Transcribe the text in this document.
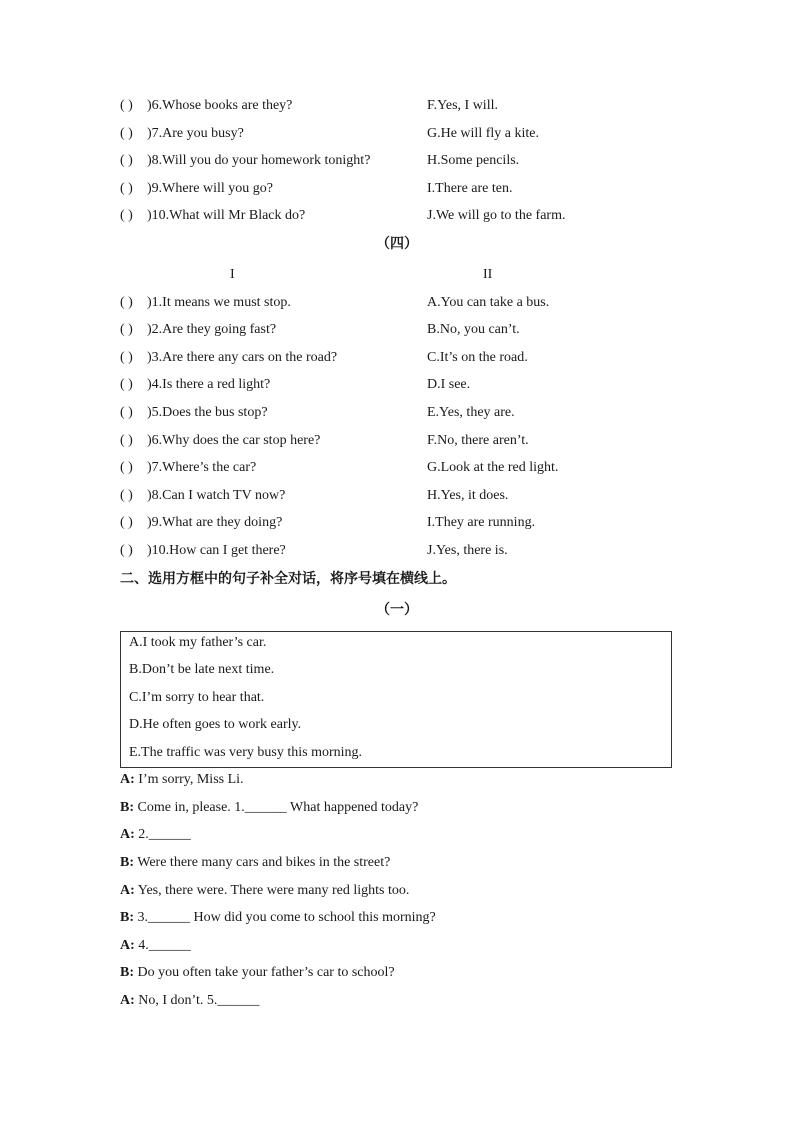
( ) )6.Whose books are they?	F.Yes, I will.
( ) )7.Are you busy?	G.He will fly a kite.
( ) )8.Will you do your homework tonight?	H.Some pencils.
( ) )9.Where will you go?	I.There are ten.
( ) )10.What will Mr Black do?	J.We will go to the farm.
（四）
I	II
( ) )1.It means we must stop.	A.You can take a bus.
( ) )2.Are they going fast?	B.No, you can’t.
( ) )3.Are there any cars on the road?	C.It’s on the road.
( ) )4.Is there a red light?	D.I see.
( ) )5.Does the bus stop?	E.Yes, they are.
( ) )6.Why does the car stop here?	F.No, there aren’t.
( ) )7.Where’s the car?	G.Look at the red light.
( ) )8.Can I watch TV now?	H.Yes, it does.
( ) )9.What are they doing?	I.They are running.
( ) )10.How can I get there?	J.Yes, there is.
二、选用方框中的句子补全对话，将序号填在横线上。
（一）
A.I took my father’s car.
B.Don’t be late next time.
C.I’m sorry to hear that.
D.He often goes to work early.
E.The traffic was very busy this morning.
A: I’m sorry, Miss Li.
B: Come in, please. 1.______ What happened today?
A: 2.______
B: Were there many cars and bikes in the street?
A: Yes, there were. There were many red lights too.
B: 3.______ How did you come to school this morning?
A: 4.______
B: Do you often take your father’s car to school?
A: No, I don’t. 5.______
